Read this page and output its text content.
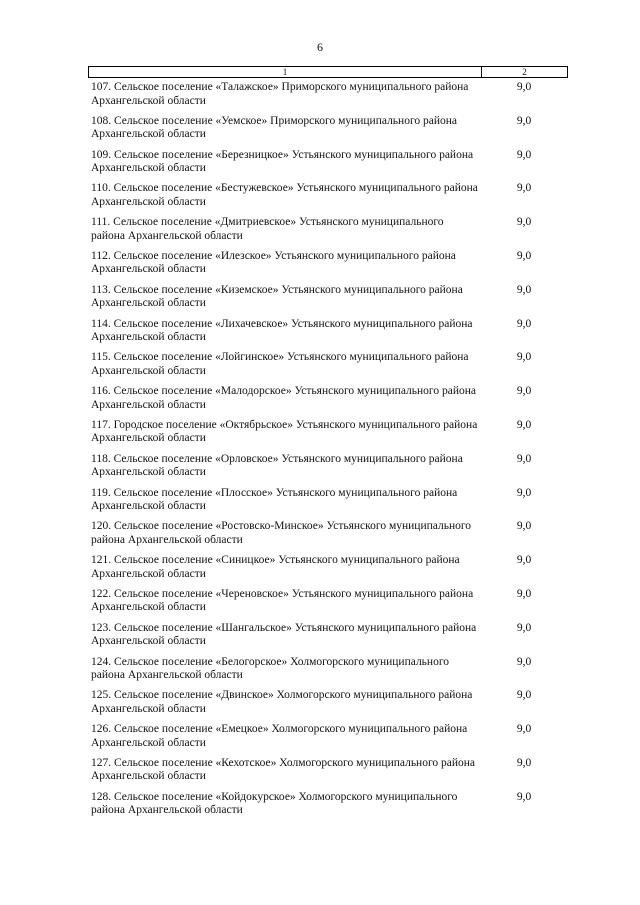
6
1	2
107. Сельское поселение «Талажское» Приморского муниципального района Архангельской области
9,0
108. Сельское поселение «Уемское» Приморского муниципального района Архангельской области
9,0
109. Сельское поселение «Березницкое» Устьянского муниципального района Архангельской области
9,0
110. Сельское поселение «Бестужевское» Устьянского муниципального района Архангельской области
9,0
111. Сельское поселение «Дмитриевское» Устьянского муниципального района Архангельской области
9,0
112. Сельское поселение «Илезское» Устьянского муниципального района Архангельской области
9,0
113. Сельское поселение «Киземское» Устьянского муниципального района Архангельской области
9,0
114. Сельское поселение «Лихачевское» Устьянского муниципального района Архангельской области
9,0
115. Сельское поселение «Лойгинское» Устьянского муниципального района Архангельской области
9,0
116. Сельское поселение «Малодорское» Устьянского муниципального района Архангельской области
9,0
117. Городское поселение «Октябрьское» Устьянского муниципального района Архангельской области
9,0
118. Сельское поселение «Орловское» Устьянского муниципального района Архангельской области
9,0
119. Сельское поселение «Плосское» Устьянского муниципального района Архангельской области
9,0
120. Сельское поселение «Ростовско-Минское» Устьянского муниципального района Архангельской области
9,0
121. Сельское поселение «Синицкое» Устьянского муниципального района Архангельской области
9,0
122. Сельское поселение «Череновское» Устьянского муниципального района Архангельской области
9,0
123. Сельское поселение «Шангальское» Устьянского муниципального района Архангельской области
9,0
124. Сельское поселение «Белогорское» Холмогорского муниципального района Архангельской области
9,0
125. Сельское поселение «Двинское» Холмогорского муниципального района Архангельской области
9,0
126. Сельское поселение «Емецкое» Холмогорского муниципального района Архангельской области
9,0
127. Сельское поселение «Кехотское» Холмогорского муниципального района Архангельской области
9,0
128. Сельское поселение «Койдокурское» Холмогорского муниципального района Архангельской области
9,0
